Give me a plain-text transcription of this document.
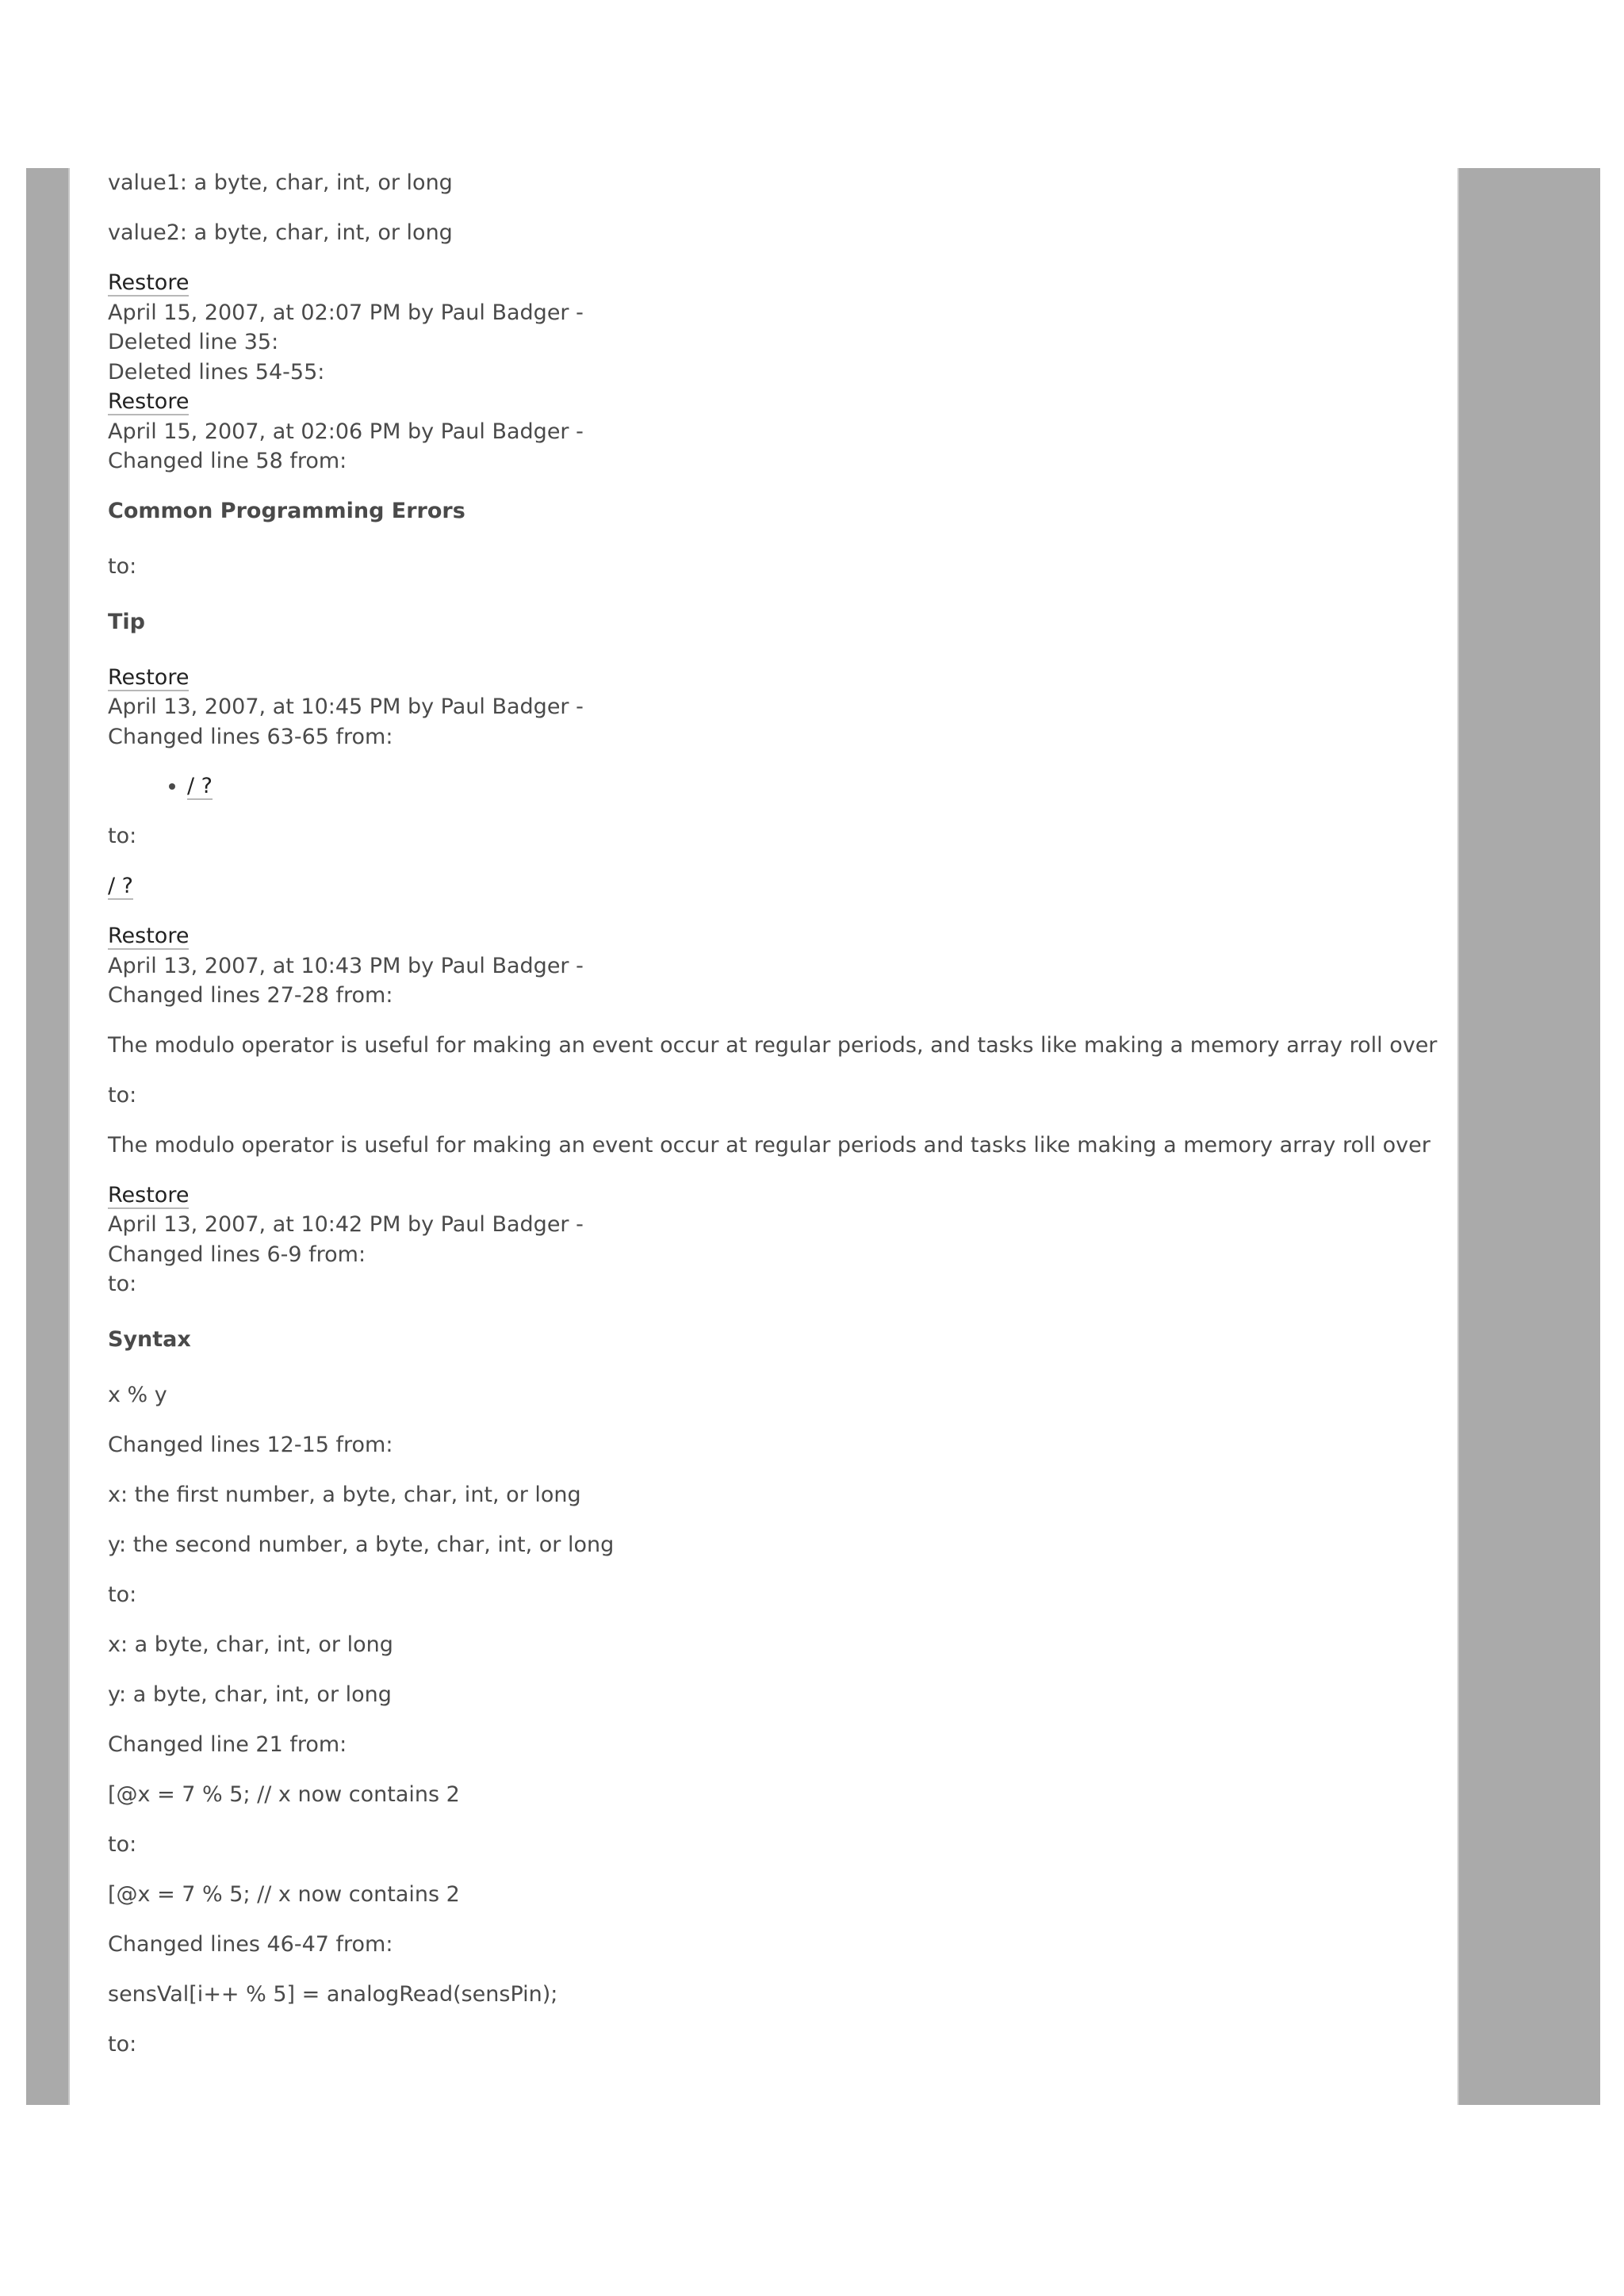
value1: a byte, char, int, or long
value2: a byte, char, int, or long
Restore
April 15, 2007, at 02:07 PM by Paul Badger -
Deleted line 35:
Deleted lines 54-55:
Restore
April 15, 2007, at 02:06 PM by Paul Badger -
Changed line 58 from:
Common Programming Errors
to:
Tip
Restore
April 13, 2007, at 10:45 PM by Paul Badger -
Changed lines 63-65 from:
• / ?
to:
/ ?
Restore
April 13, 2007, at 10:43 PM by Paul Badger -
Changed lines 27-28 from:
The modulo operator is useful for making an event occur at regular periods, and tasks like making a memory array roll over
to:
The modulo operator is useful for making an event occur at regular periods and tasks like making a memory array roll over
Restore
April 13, 2007, at 10:42 PM by Paul Badger -
Changed lines 6-9 from:
to:
Syntax
x % y
Changed lines 12-15 from:
x: the first number, a byte, char, int, or long
y: the second number, a byte, char, int, or long
to:
x: a byte, char, int, or long
y: a byte, char, int, or long
Changed line 21 from:
[@x = 7 % 5; // x now contains 2
to:
[@x = 7 % 5; // x now contains 2
Changed lines 46-47 from:
sensVal[i++ % 5] = analogRead(sensPin);
to:
